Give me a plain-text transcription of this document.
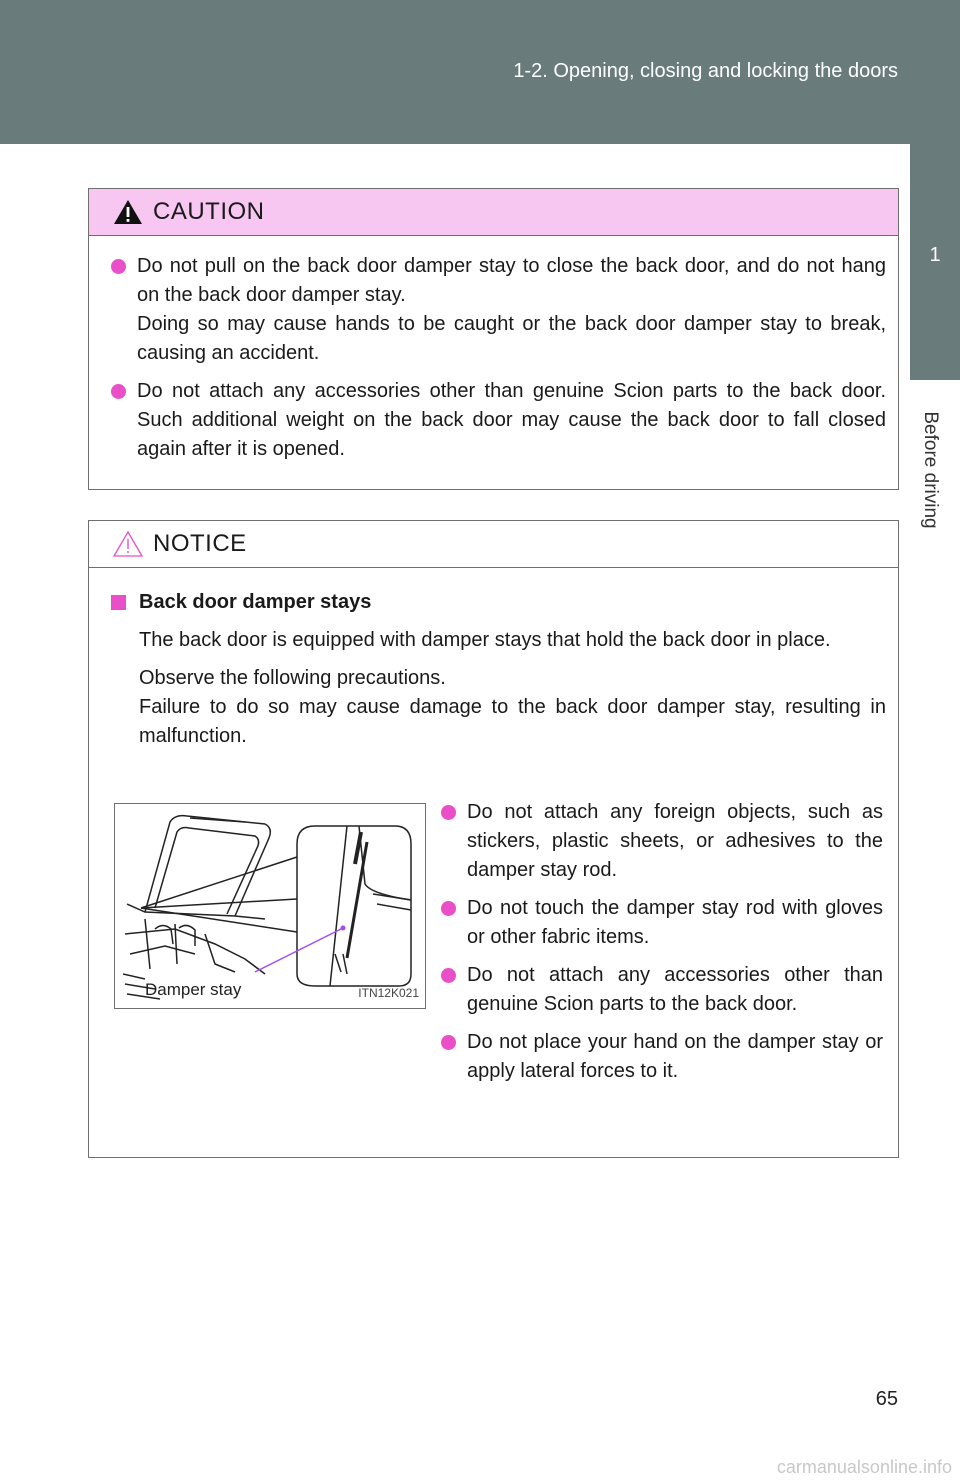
1-2. Opening, closing and locking the doors
1
Before driving
CAUTION
Do not pull on the back door damper stay to close the back door, and do not hang on the back door damper stay.
Doing so may cause hands to be caught or the back door damper stay to break, causing an accident.
Do not attach any accessories other than genuine Scion parts to the back door. Such additional weight on the back door may cause the back door to fall closed again after it is opened.
NOTICE
Back door damper stays
The back door is equipped with damper stays that hold the back door in place.
Observe the following precautions.
Failure to do so may cause damage to the back door damper stay, resulting in malfunction.
Damper stay	ITN12K021
Do not attach any foreign objects, such as stickers, plastic sheets, or adhesives to the damper stay rod.
Do not touch the damper stay rod with gloves or other fabric items.
Do not attach any accessories other than genuine Scion parts to the back door.
Do not place your hand on the damper stay or apply lateral forces to it.
65
carmanualsonline.info
